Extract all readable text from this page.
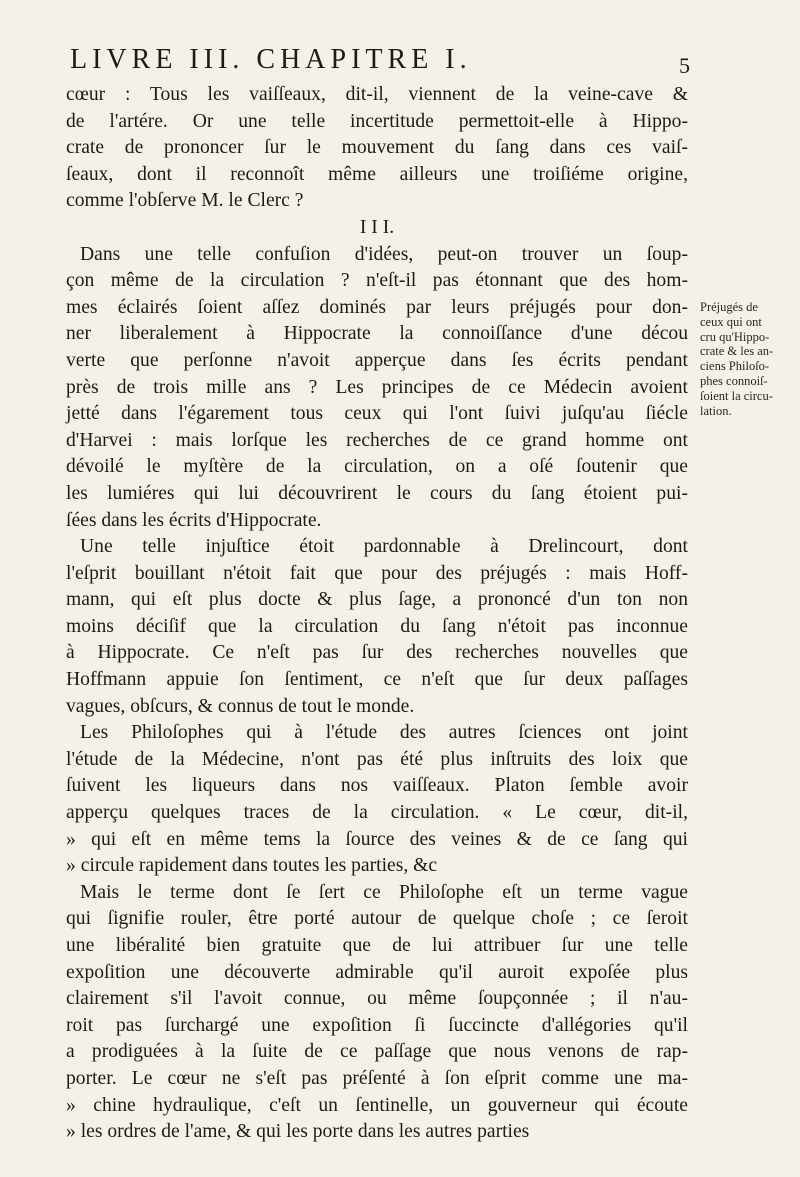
LIVRE III. CHAPITRE I.	5
cœur : Tous les vaiſſeaux, dit-il, viennent de la veine-cave &
de l'artére. Or une telle incertitude permettoit-elle à Hippo-
crate de prononcer ſur le mouvement du ſang dans ces vaiſ-
ſeaux, dont il reconnoît même ailleurs une troiſiéme origine,
comme l'obſerve M. le Clerc ?
I I I.
Dans une telle confuſion d'idées, peut-on trouver un ſoup-
çon même de la circulation ? n'eſt-il pas étonnant que des hom-
mes éclairés ſoient aſſez dominés par leurs préjugés pour don-
ner liberalement à Hippocrate la connoiſſance d'une décou
verte que perſonne n'avoit apperçue dans ſes écrits pendant
près de trois mille ans ? Les principes de ce Médecin avoient
jetté dans l'égarement tous ceux qui l'ont ſuivi juſqu'au ſiécle
d'Harvei : mais lorſque les recherches de ce grand homme ont
dévoilé le myſtère de la circulation, on a oſé ſoutenir que
les lumiéres qui lui découvrirent le cours du ſang étoient pui-
ſées dans les écrits d'Hippocrate.
Une telle injuſtice étoit pardonnable à Drelincourt, dont
l'eſprit bouillant n'étoit fait que pour des préjugés : mais Hoff-
mann, qui eſt plus docte & plus ſage, a prononcé d'un ton non
moins déciſif que la circulation du ſang n'étoit pas inconnue
à Hippocrate. Ce n'eſt pas ſur des recherches nouvelles que
Hoffmann appuie ſon ſentiment, ce n'eſt que ſur deux paſſages
vagues, obſcurs, & connus de tout le monde.
Les Philoſophes qui à l'étude des autres ſciences ont joint
l'étude de la Médecine, n'ont pas été plus inſtruits des loix que
ſuivent les liqueurs dans nos vaiſſeaux. Platon ſemble avoir
apperçu quelques traces de la circulation. « Le cœur, dit-il,
» qui eſt en même tems la ſource des veines & de ce ſang qui
» circule rapidement dans toutes les parties, &c
Mais le terme dont ſe ſert ce Philoſophe eſt un terme vague
qui ſignifie rouler, être porté autour de quelque choſe ; ce ſeroit
une libéralité bien gratuite que de lui attribuer ſur une telle
expoſition une découverte admirable qu'il auroit expoſée plus
clairement s'il l'avoit connue, ou même ſoupçonnée ; il n'au-
roit pas ſurchargé une expoſition ſi ſuccincte d'allégories qu'il
a prodiguées à la ſuite de ce paſſage que nous venons de rap-
porter. Le cœur ne s'eſt pas préſenté à ſon eſprit comme une ma-
» chine hydraulique, c'eſt un ſentinelle, un gouverneur qui écoute
» les ordres de l'ame, & qui les porte dans les autres parties
Préjugés de
ceux qui ont
cru qu'Hippo-
crate & les an-
ciens Philoſo-
phes connoiſ-
ſoient la circu-
lation.
